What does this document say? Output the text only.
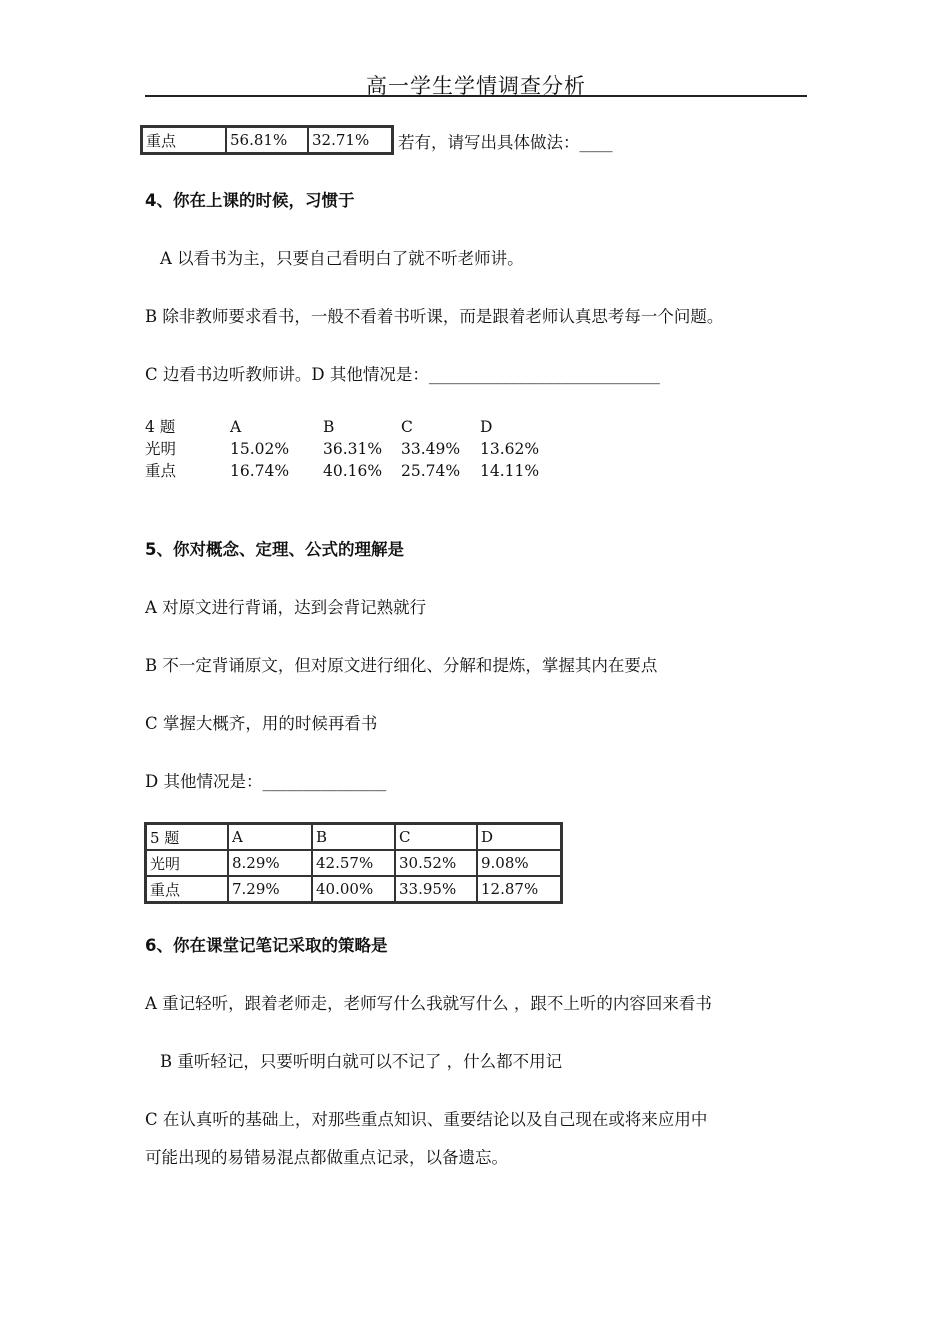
高一学生学情调查分析
重点	56.81%	32.71% 若有，请写出具体做法：____
4、你在上课的时候，习惯于
A 以看书为主，只要自己看明白了就不听老师讲。
B 除非教师要求看书，一般不看着书听课，而是跟着老师认真思考每一个问题。
C 边看书边听教师讲。D 其他情况是：____________________________
4 题	A	B	C	D
光明	15.02% 36.31% 33.49% 13.62%
重点	16.74% 40.16% 25.74% 14.11%
5、你对概念、定理、公式的理解是
A 对原文进行背诵，达到会背记熟就行
B 不一定背诵原文，但对原文进行细化、分解和提炼，掌握其内在要点
C 掌握大概齐，用的时候再看书
D 其他情况是：_______________
5 题	A	B	C	D
光明	8.29%	42.57%	30.52%	9.08%
重点	7.29%	40.00%	33.95%	12.87%
6、你在课堂记笔记采取的策略是
A 重记轻听，跟着老师走，老师写什么我就写什么 ，跟不上听的内容回来看书
B 重听轻记，只要听明白就可以不记了 ，什么都不用记
C 在认真听的基础上，对那些重点知识、重要结论以及自己现在或将来应用中
可能出现的易错易混点都做重点记录，以备遗忘。
